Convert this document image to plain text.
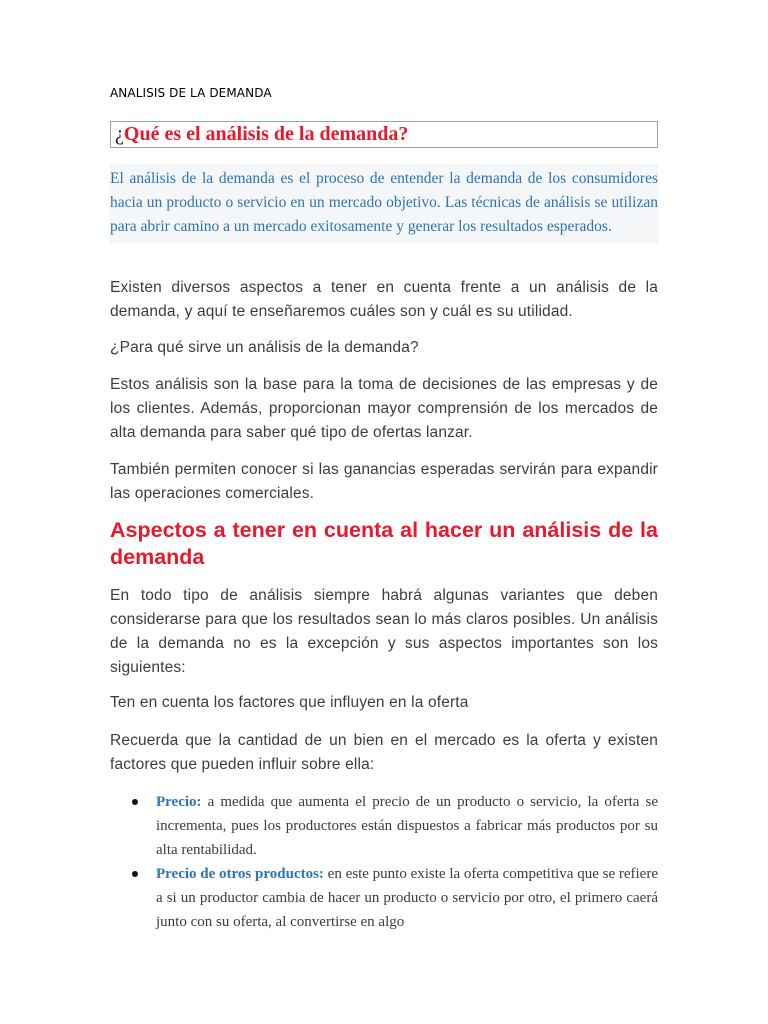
ANALISIS DE LA DEMANDA
¿Qué es el análisis de la demanda?

El análisis de la demanda es el proceso de entender la demanda de los consumidores hacia un producto o servicio en un mercado objetivo. Las técnicas de análisis se utilizan para abrir camino a un mercado exitosamente y generar los resultados esperados.

Existen diversos aspectos a tener en cuenta frente a un análisis de la demanda, y aquí te enseñaremos cuáles son y cuál es su utilidad.

¿Para qué sirve un análisis de la demanda?

Estos análisis son la base para la toma de decisiones de las empresas y de los clientes. Además, proporcionan mayor comprensión de los mercados de alta demanda para saber qué tipo de ofertas lanzar.

También permiten conocer si las ganancias esperadas servirán para expandir las operaciones comerciales.

Aspectos a tener en cuenta al hacer un análisis de la demanda

En todo tipo de análisis siempre habrá algunas variantes que deben considerarse para que los resultados sean lo más claros posibles. Un análisis de la demanda no es la excepción y sus aspectos importantes son los siguientes:

Ten en cuenta los factores que influyen en la oferta

Recuerda que la cantidad de un bien en el mercado es la oferta y existen factores que pueden influir sobre ella:

Precio: a medida que aumenta el precio de un producto o servicio, la oferta se incrementa, pues los productores están dispuestos a fabricar más productos por su alta rentabilidad.
Precio de otros productos: en este punto existe la oferta competitiva que se refiere a si un productor cambia de hacer un producto o servicio por otro, el primero caerá junto con su oferta, al convertirse en algo
